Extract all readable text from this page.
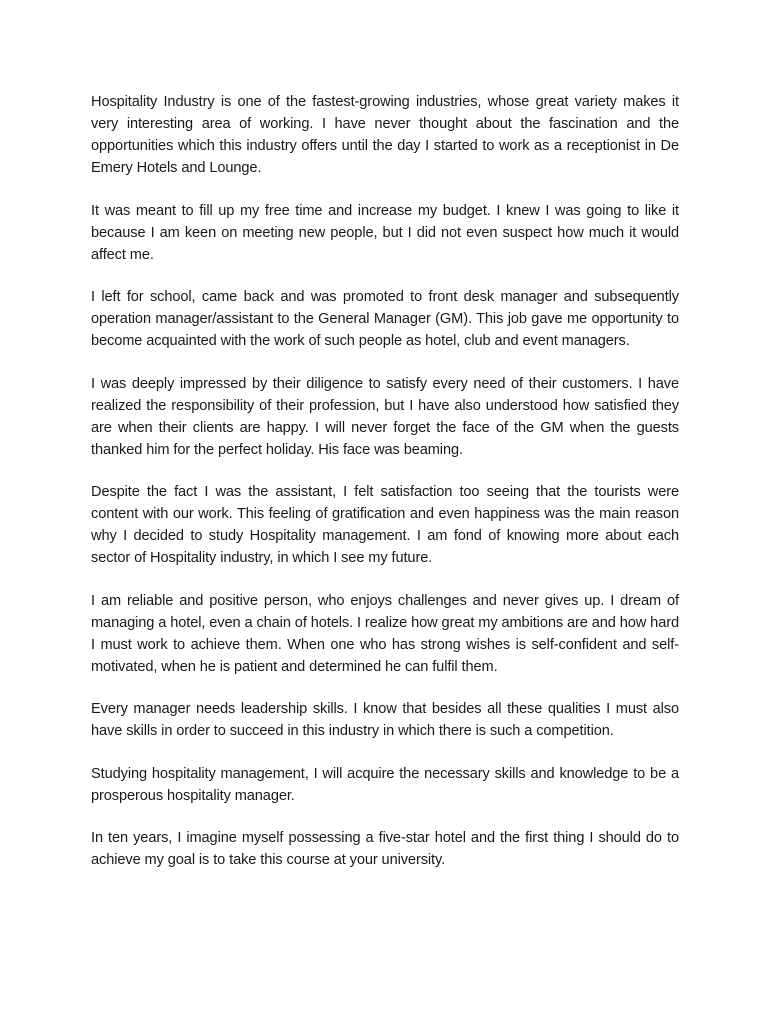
Hospitality Industry is one of the fastest-growing industries, whose great variety makes it very interesting area of working. I have never thought about the fascination and the opportunities which this industry offers until the day I started to work as a receptionist in De Emery Hotels and Lounge.

It was meant to fill up my free time and increase my budget. I knew I was going to like it because I am keen on meeting new people, but I did not even suspect how much it would affect me.

I left for school, came back and was promoted to front desk manager and subsequently operation manager/assistant to the General Manager (GM). This job gave me opportunity to become acquainted with the work of such people as hotel, club and event managers.

I was deeply impressed by their diligence to satisfy every need of their customers. I have realized the responsibility of their profession, but I have also understood how satisfied they are when their clients are happy. I will never forget the face of the GM when the guests thanked him for the perfect holiday. His face was beaming.

Despite the fact I was the assistant, I felt satisfaction too seeing that the tourists were content with our work. This feeling of gratification and even happiness was the main reason why I decided to study Hospitality management. I am fond of knowing more about each sector of Hospitality industry, in which I see my future.

I am reliable and positive person, who enjoys challenges and never gives up. I dream of managing a hotel, even a chain of hotels. I realize how great my ambitions are and how hard I must work to achieve them. When one who has strong wishes is self-confident and self-motivated, when he is patient and determined he can fulfil them.

Every manager needs leadership skills. I know that besides all these qualities I must also have skills in order to succeed in this industry in which there is such a competition.

Studying hospitality management, I will acquire the necessary skills and knowledge to be a prosperous hospitality manager.

In ten years, I imagine myself possessing a five-star hotel and the first thing I should do to achieve my goal is to take this course at your university.
